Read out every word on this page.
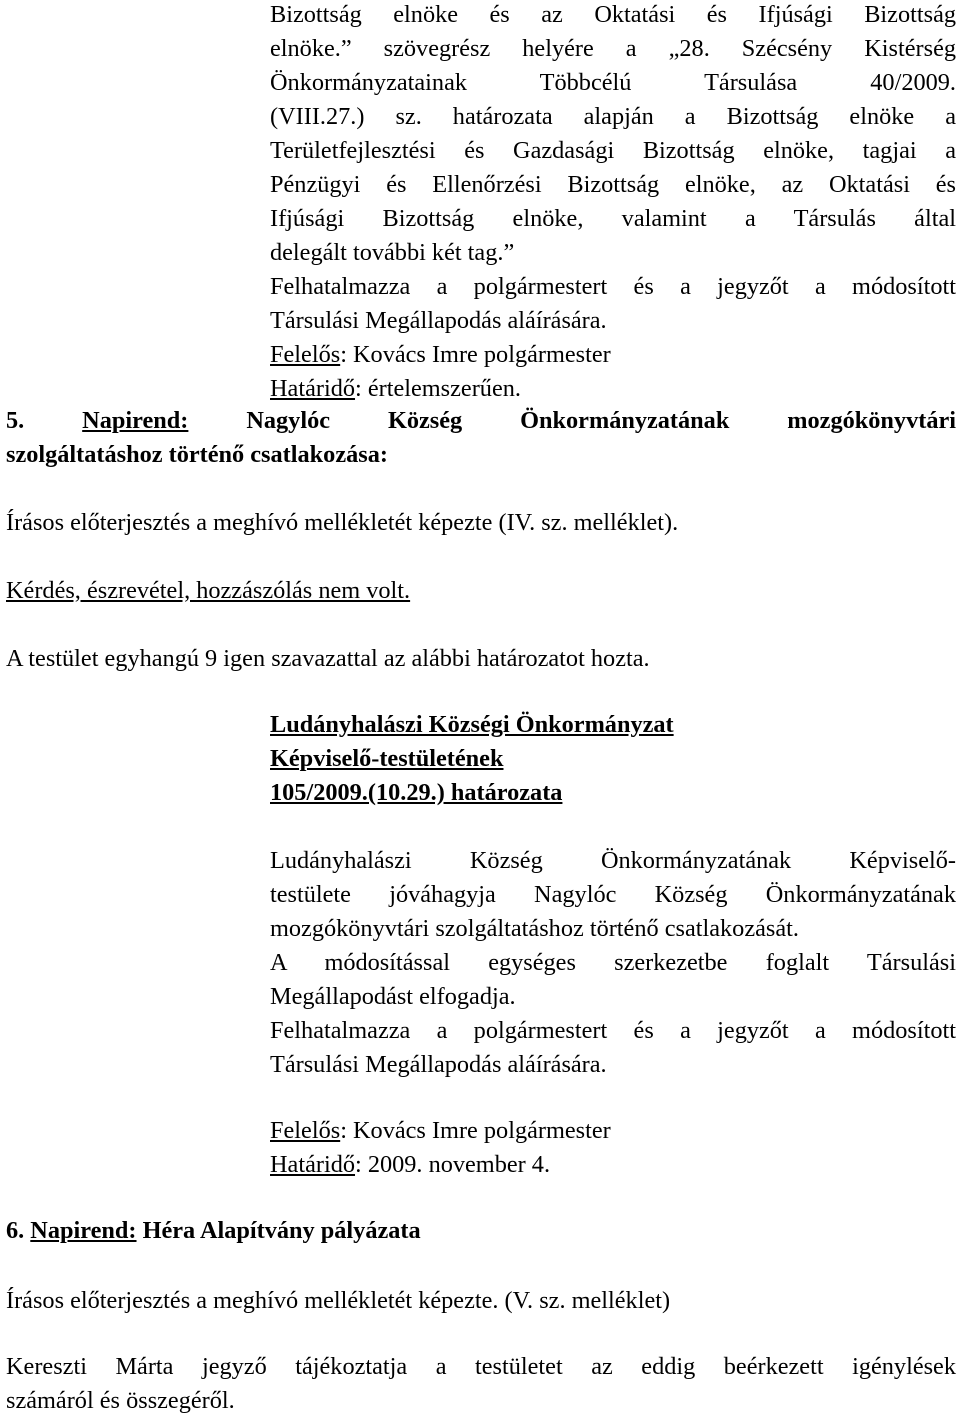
Bizottság elnöke és az Oktatási és Ifjúsági Bizottság
elnöke.” szövegrész helyére a „28. Szécsény Kistérség
Önkormányzatainak Többcélú Társulása 40/2009.
(VIII.27.) sz. határozata alapján a Bizottság elnöke a
Területfejlesztési és Gazdasági Bizottság elnöke, tagjai a
Pénzügyi és Ellenőrzési Bizottság elnöke, az Oktatási és
Ifjúsági Bizottság elnöke, valamint a Társulás által
delegált további két tag.”
Felhatalmazza a polgármestert és a jegyzőt a módosított
Társulási Megállapodás aláírására.
Felelős: Kovács Imre polgármester
Határidő: értelemszerűen.
5. Napirend: Nagylóc Község Önkormányzatának mozgókönyvtári
szolgáltatáshoz történő csatlakozása:
Írásos előterjesztés a meghívó mellékletét képezte (IV. sz. melléklet).
Kérdés, észrevétel, hozzászólás nem volt.
A testület egyhangú 9 igen szavazattal az alábbi határozatot hozta.
Ludányhalászi Községi Önkormányzat
Képviselő-testületének
105/2009.(10.29.) határozata
Ludányhalászi Község Önkormányzatának Képviselő-
testülete jóváhagyja Nagylóc Község Önkormányzatának
mozgókönyvtári szolgáltatáshoz történő csatlakozását.
A módosítással egységes szerkezetbe foglalt Társulási
Megállapodást elfogadja.
Felhatalmazza a polgármestert és a jegyzőt a módosított
Társulási Megállapodás aláírására.
Felelős: Kovács Imre polgármester
Határidő: 2009. november 4.
6. Napirend: Héra Alapítvány pályázata
Írásos előterjesztés a meghívó mellékletét képezte. (V. sz. melléklet)
Kereszti Márta jegyző tájékoztatja a testületet az eddig beérkezett igénylések
számáról és összegéről.
